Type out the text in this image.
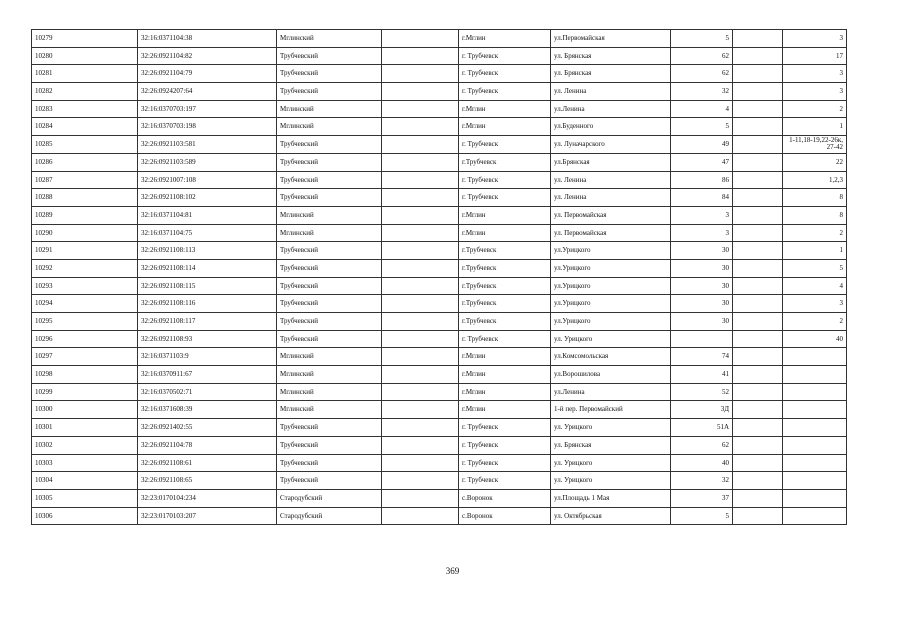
10279	32:16:0371104:38	Мглинский		г.Мглин	ул.Первомайская	5		3
10280	32:26:0921104:82	Трубчевский		г. Трубчевск	ул. Брянская	62		17
10281	32:26:0921104:79	Трубчевский		г. Трубчевск	ул. Брянская	62		3
10282	32:26:0924207:64	Трубчевский		г. Трубчевск	ул. Ленина	32		3
10283	32:16:0370703:197	Мглинский		г.Мглин	ул.Ленина	4		2
10284	32:16:0370703:198	Мглинский		г.Мглин	ул.Буденного	5		1
10285	32:26:0921103:581	Трубчевский		г. Трубчевск	ул. Луначарского	49		1-11,18-19,22-26к, 27-42
10286	32:26:0921103:589	Трубчевский		г.Трубчевск	ул.Брянская	47		22
10287	32:26:0921007:108	Трубчевский		г. Трубчевск	ул. Ленина	86		1,2,3
10288	32:26:0921108:102	Трубчевский		г. Трубчевск	ул. Ленина	84		8
10289	32:16:0371104:81	Мглинский		г.Мглин	ул. Первомайская	3		8
10290	32:16:0371104:75	Мглинский		г.Мглин	ул. Первомайская	3		2
10291	32:26:0921108:113	Трубчевский		г.Трубчевск	ул.Урицкого	30		1
10292	32:26:0921108:114	Трубчевский		г.Трубчевск	ул.Урицкого	30		5
10293	32:26:0921108:115	Трубчевский		г.Трубчевск	ул.Урицкого	30		4
10294	32:26:0921108:116	Трубчевский		г.Трубчевск	ул.Урицкого	30		3
10295	32:26:0921108:117	Трубчевский		г.Трубчевск	ул.Урицкого	30		2
10296	32:26:0921108:93	Трубчевский		г. Трубчевск	ул. Урицкого			40
10297	32:16:0371103:9	Мглинский		г.Мглин	ул.Комсомольская	74		
10298	32:16:0370911:67	Мглинский		г.Мглин	ул.Ворошилова	41		
10299	32:16:0370502:71	Мглинский		г.Мглин	ул.Ленина	52		
10300	32:16:0371608:39	Мглинский		г.Мглин	1-й пер. Первомайский	3Д		
10301	32:26:0921402:55	Трубчевский		г. Трубчевск	ул. Урицкого	51А		
10302	32:26:0921104:78	Трубчевский		г. Трубчевск	ул. Брянская	62		
10303	32:26:0921108:61	Трубчевский		г. Трубчевск	ул. Урицкого	40		
10304	32:26:0921108:65	Трубчевский		г. Трубчевск	ул. Урицкого	32		
10305	32:23:0170104:234	Стародубский		с.Воронок	ул.Площадь 1 Мая	37		
10306	32:23:0170103:207	Стародубский		с.Воронок	ул. Октябрьская	5		
369
